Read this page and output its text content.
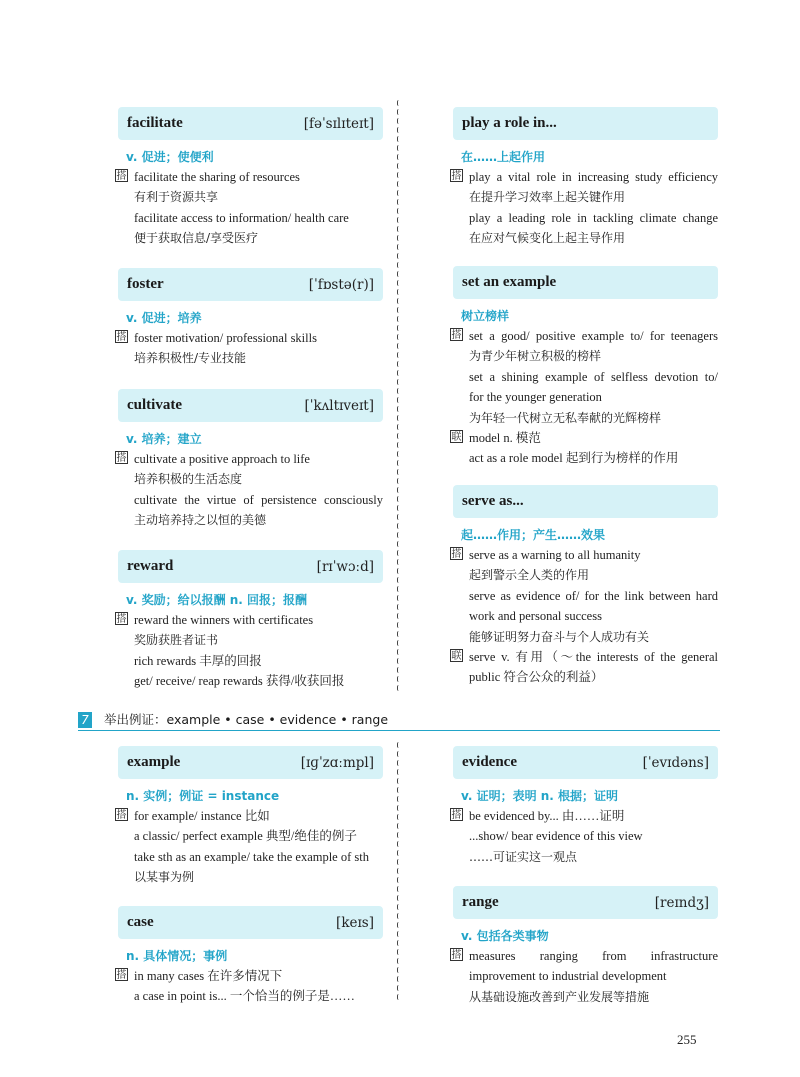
facilitate	[fəˈsɪlɪteɪt]
v. 促进；使便利
搭 facilitate the sharing of resources
有利于资源共享
facilitate access to information/ health care
便于获取信息/享受医疗
foster	[ˈfɒstə(r)]
v. 促进；培养
搭 foster motivation/ professional skills
培养积极性/专业技能
cultivate	[ˈkʌltɪveɪt]
v. 培养；建立
搭 cultivate a positive approach to life
培养积极的生活态度
cultivate the virtue of persistence consciously
主动培养持之以恒的美德
reward	[rɪˈwɔːd]
v. 奖励；给以报酬 n. 回报；报酬
搭 reward the winners with certificates
奖励获胜者证书
rich rewards 丰厚的回报
get/ receive/ reap rewards 获得/收获回报
play a role in...
在……上起作用
搭 play a vital role in increasing study efficiency
在提升学习效率上起关键作用
play a leading role in tackling climate change
在应对气候变化上起主导作用
set an example
树立榜样
搭 set a good/ positive example to/ for teenagers
为青少年树立积极的榜样
set a shining example of selfless devotion to/
for the younger generation
为年轻一代树立无私奉献的光辉榜样
联 model n. 模范
act as a role model 起到行为榜样的作用
serve as...
起……作用；产生……效果
搭 serve as a warning to all humanity
起到警示全人类的作用
serve as evidence of/ for the link between hard
work and personal success
能够证明努力奋斗与个人成功有关
联 serve v. 有用（～the interests of the general
public 符合公众的利益）
example	[ɪɡˈzɑːmpl]
n. 实例；例证 = instance
搭 for example/ instance 比如
a classic/ perfect example 典型/绝佳的例子
take sth as an example/ take the example of sth
以某事为例
case	[keɪs]
n. 具体情况；事例
搭 in many cases 在许多情况下
a case in point is... 一个恰当的例子是……
evidence	[ˈevɪdəns]
v. 证明；表明 n. 根据；证明
搭 be evidenced by... 由……证明
...show/ bear evidence of this view
……可证实这一观点
range	[reɪndʒ]
v. 包括各类事物
搭 measures ranging from infrastructure
improvement to industrial development
从基础设施改善到产业发展等措施
7 举出例证：example • case • evidence • range
255
